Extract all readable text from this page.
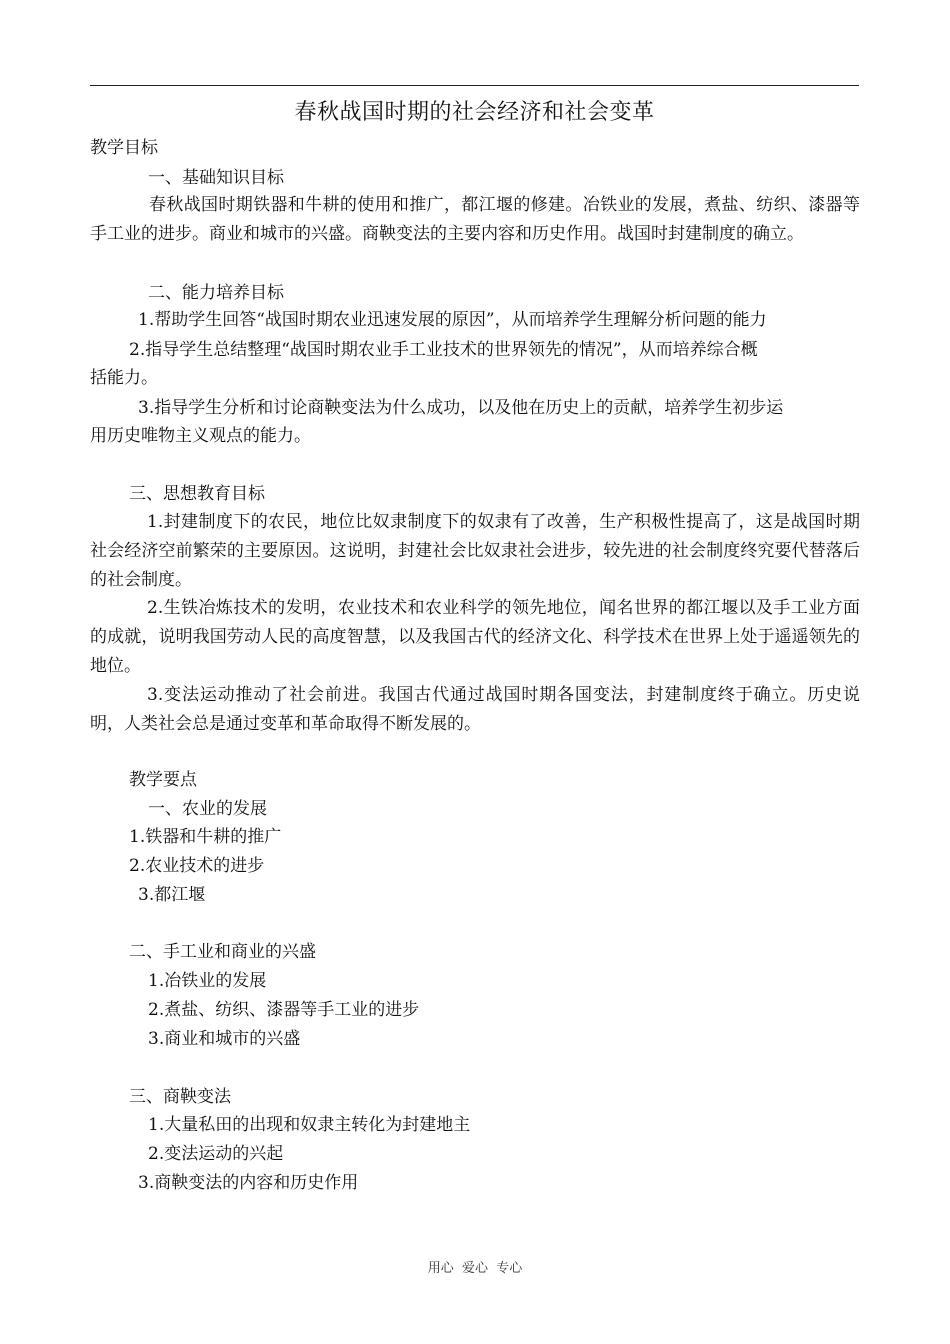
春秋战国时期的社会经济和社会变革
教学目标
一、基础知识目标
春秋战国时期铁器和牛耕的使用和推广，都江堰的修建。冶铁业的发展，煮盐、纺织、漆器等手工业的进步。商业和城市的兴盛。商鞅变法的主要内容和历史作用。战国时封建制度的确立。
二、能力培养目标
1.帮助学生回答“战国时期农业迅速发展的原因”，从而培养学生理解分析问题的能力
2.指导学生总结整理“战国时期农业手工业技术的世界领先的情况”，从而培养综合概
括能力。
3.指导学生分析和讨论商鞅变法为什么成功，以及他在历史上的贡献，培养学生初步运
用历史唯物主义观点的能力。
三、思想教育目标
1.封建制度下的农民，地位比奴隶制度下的奴隶有了改善，生产积极性提高了，这是战国时期社会经济空前繁荣的主要原因。这说明，封建社会比奴隶社会进步，较先进的社会制度终究要代替落后的社会制度。
2.生铁冶炼技术的发明，农业技术和农业科学的领先地位，闻名世界的都江堰以及手工业方面的成就，说明我国劳动人民的高度智慧，以及我国古代的经济文化、科学技术在世界上处于遥遥领先的地位。
3.变法运动推动了社会前进。我国古代通过战国时期各国变法，封建制度终于确立。历史说明，人类社会总是通过变革和革命取得不断发展的。
教学要点
一、农业的发展
1.铁器和牛耕的推广
2.农业技术的进步
3.都江堰
二、手工业和商业的兴盛
1.冶铁业的发展
2.煮盐、纺织、漆器等手工业的进步
3.商业和城市的兴盛
三、商鞅变法
1.大量私田的出现和奴隶主转化为封建地主
2.变法运动的兴起
3.商鞅变法的内容和历史作用
用心  爱心  专心
